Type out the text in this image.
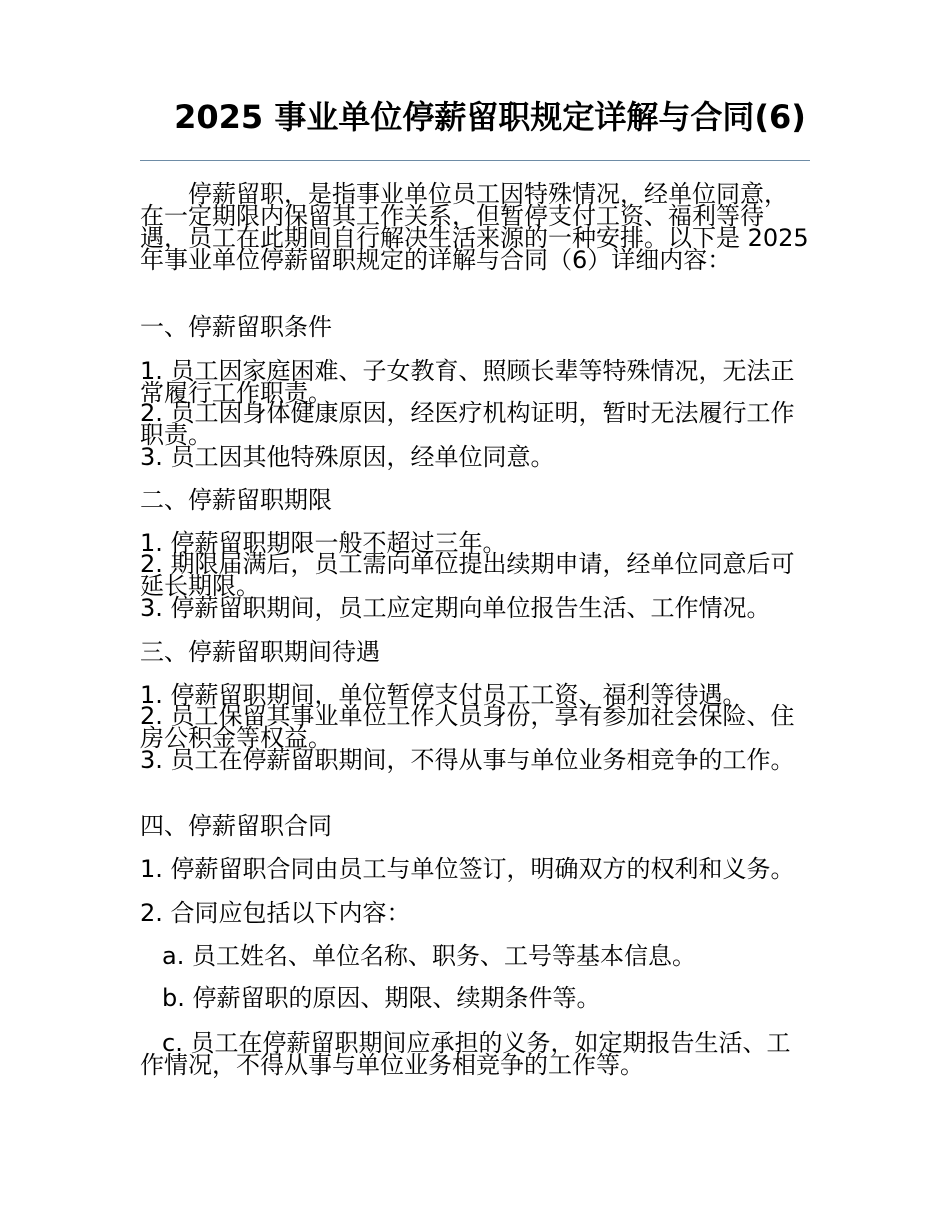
2025 事业单位停薪留职规定详解与合同(6)

停薪留职，是指事业单位员工因特殊情况，经单位同意，在一定期限内保留其工作关系，但暂停支付工资、福利等待遇，员工在此期间自行解决生活来源的一种安排。以下是 2025 年事业单位停薪留职规定的详解与合同（6）详细内容：

一、停薪留职条件

1. 员工因家庭困难、子女教育、照顾长辈等特殊情况，无法正常履行工作职责。

2. 员工因身体健康原因，经医疗机构证明，暂时无法履行工作职责。

3. 员工因其他特殊原因，经单位同意。

二、停薪留职期限

1. 停薪留职期限一般不超过三年。

2. 期限届满后，员工需向单位提出续期申请，经单位同意后可延长期限。

3. 停薪留职期间，员工应定期向单位报告生活、工作情况。

三、停薪留职期间待遇

1. 停薪留职期间，单位暂停支付员工工资、福利等待遇。

2. 员工保留其事业单位工作人员身份，享有参加社会保险、住房公积金等权益。

3. 员工在停薪留职期间，不得从事与单位业务相竞争的工作。

四、停薪留职合同

1. 停薪留职合同由员工与单位签订，明确双方的权利和义务。

2. 合同应包括以下内容：

a. 员工姓名、单位名称、职务、工号等基本信息。

b. 停薪留职的原因、期限、续期条件等。

c. 员工在停薪留职期间应承担的义务，如定期报告生活、工作情况，不得从事与单位业务相竞争的工作等。
